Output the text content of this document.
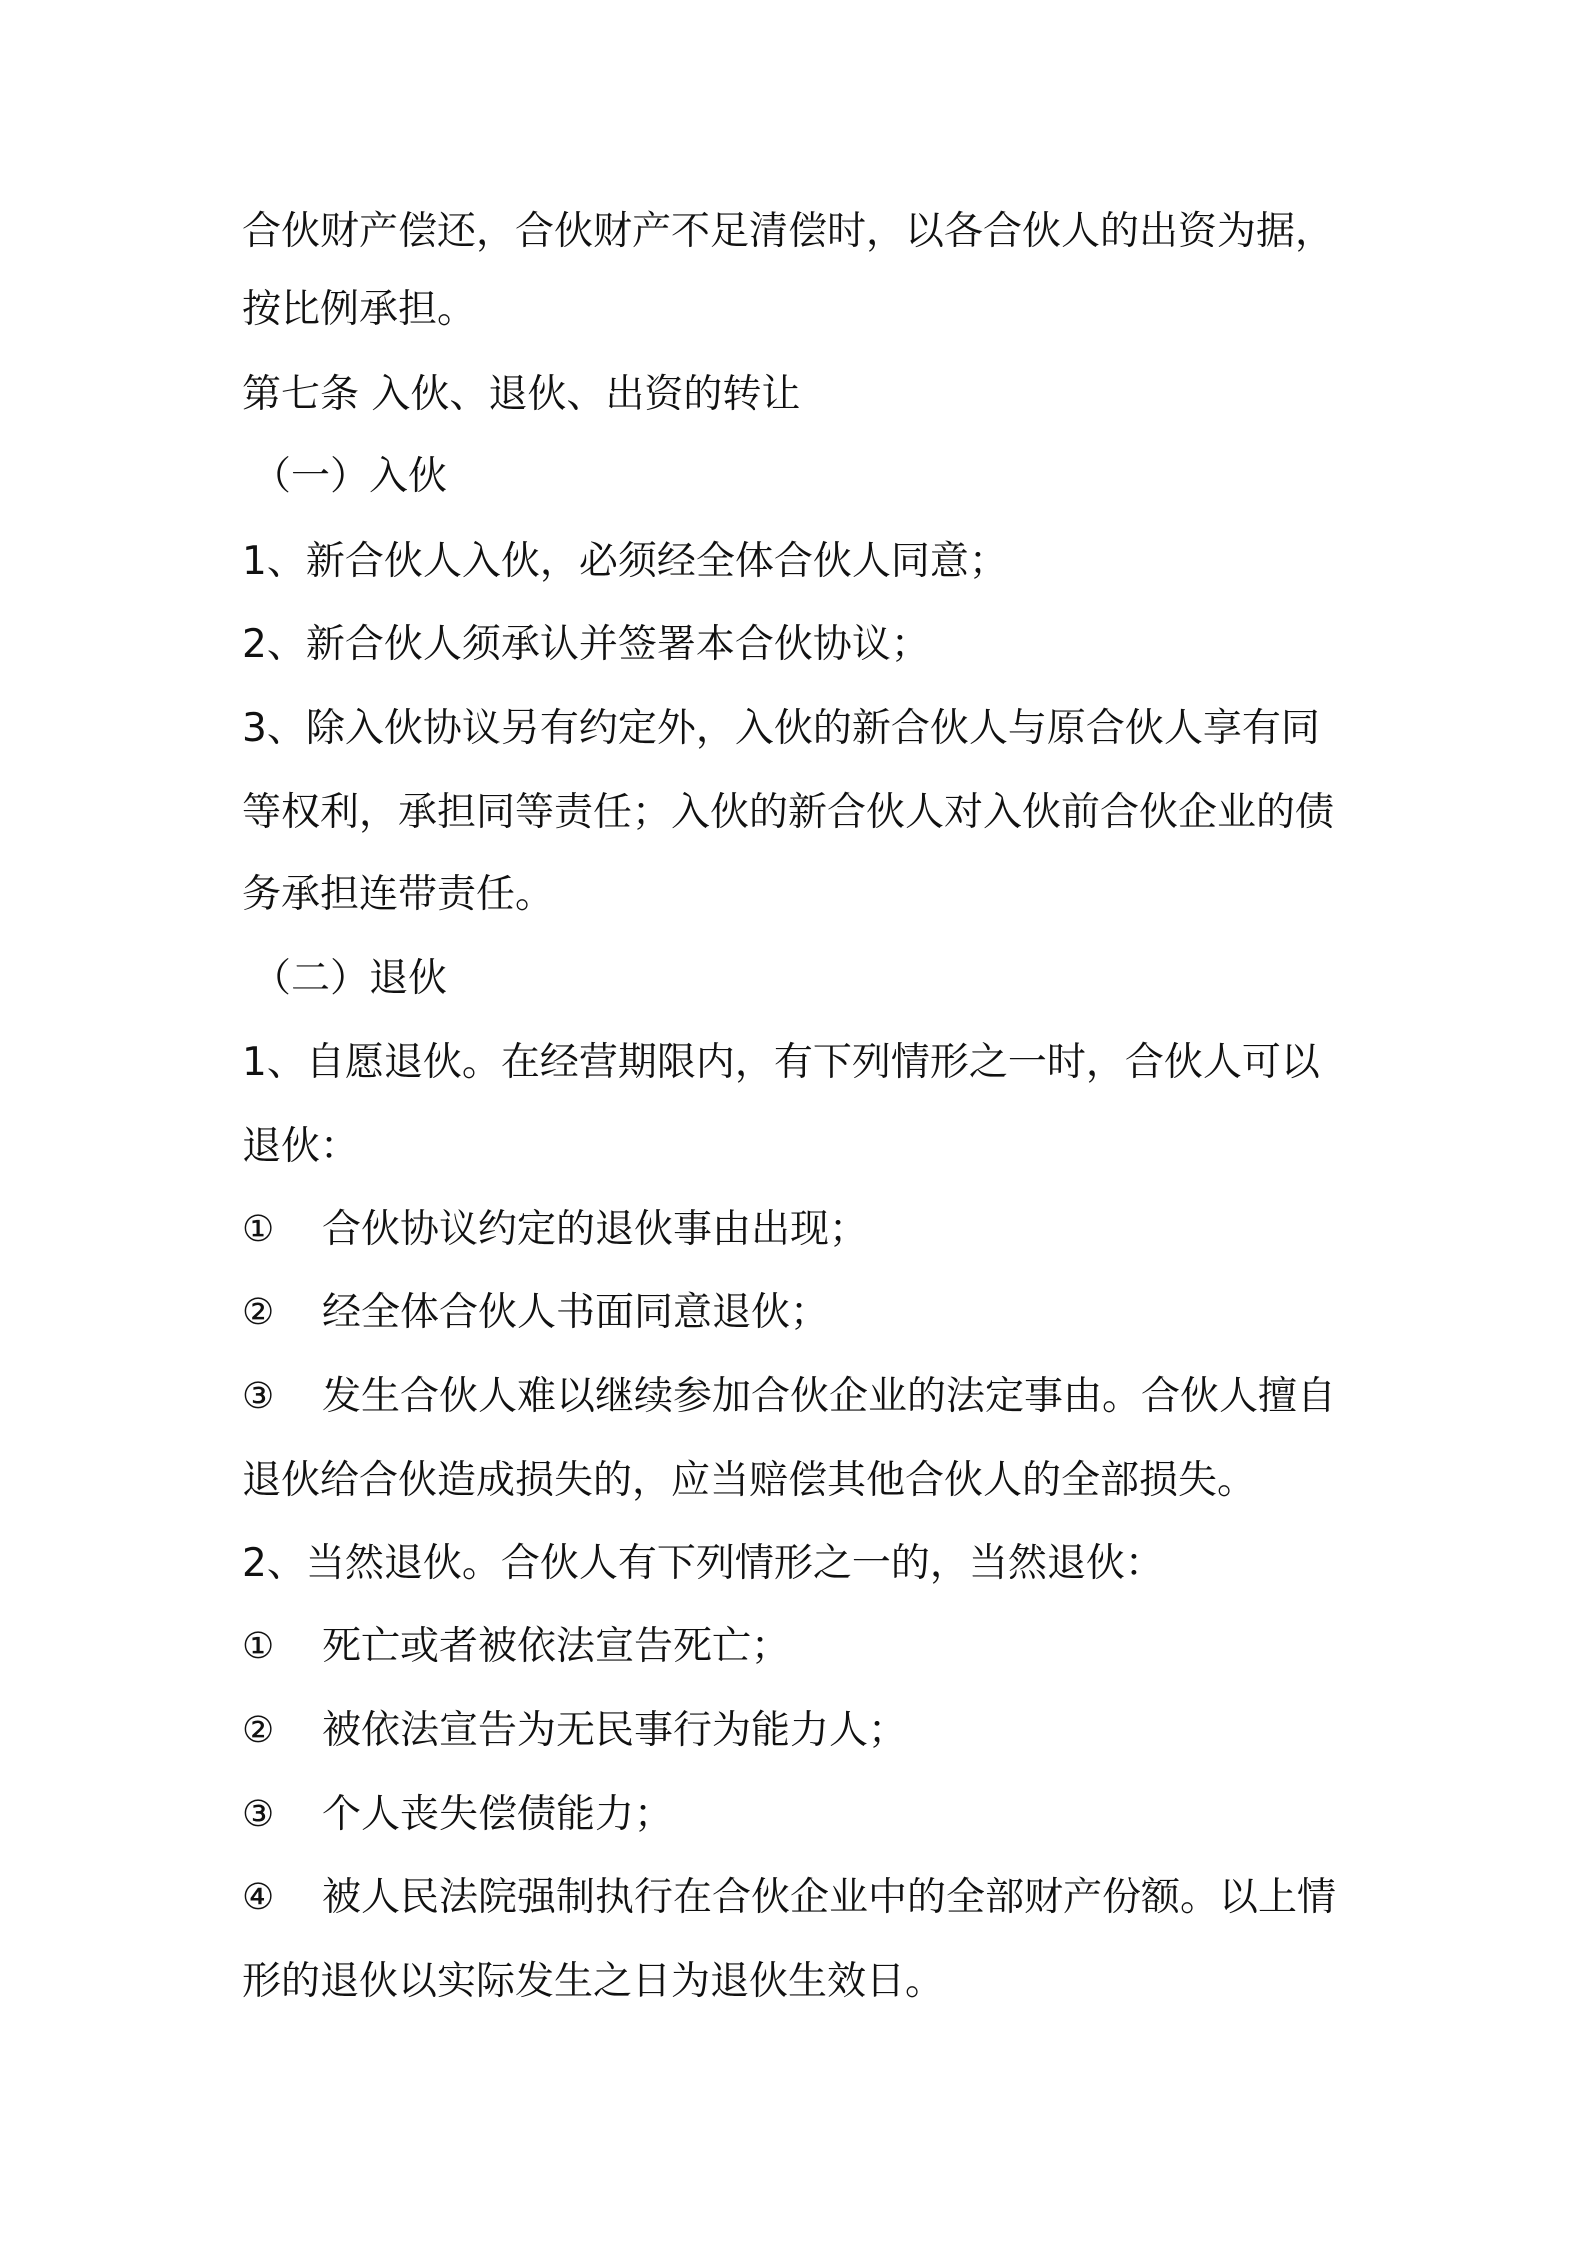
合伙财产偿还，合伙财产不足清偿时，以各合伙人的出资为据，
按比例承担。
第七条 入伙、退伙、出资的转让
（一）入伙
1、新合伙人入伙，必须经全体合伙人同意；
2、新合伙人须承认并签署本合伙协议；
3、除入伙协议另有约定外，入伙的新合伙人与原合伙人享有同
等权利，承担同等责任；入伙的新合伙人对入伙前合伙企业的债
务承担连带责任。
（二）退伙
1、自愿退伙。在经营期限内，有下列情形之一时，合伙人可以
退伙：
①	合伙协议约定的退伙事由出现；
②	经全体合伙人书面同意退伙；
③	发生合伙人难以继续参加合伙企业的法定事由。合伙人擅自
退伙给合伙造成损失的，应当赔偿其他合伙人的全部损失。
2、当然退伙。合伙人有下列情形之一的，当然退伙：
①	死亡或者被依法宣告死亡；
②	被依法宣告为无民事行为能力人；
③	个人丧失偿债能力；
④	被人民法院强制执行在合伙企业中的全部财产份额。以上情
形的退伙以实际发生之日为退伙生效日。
